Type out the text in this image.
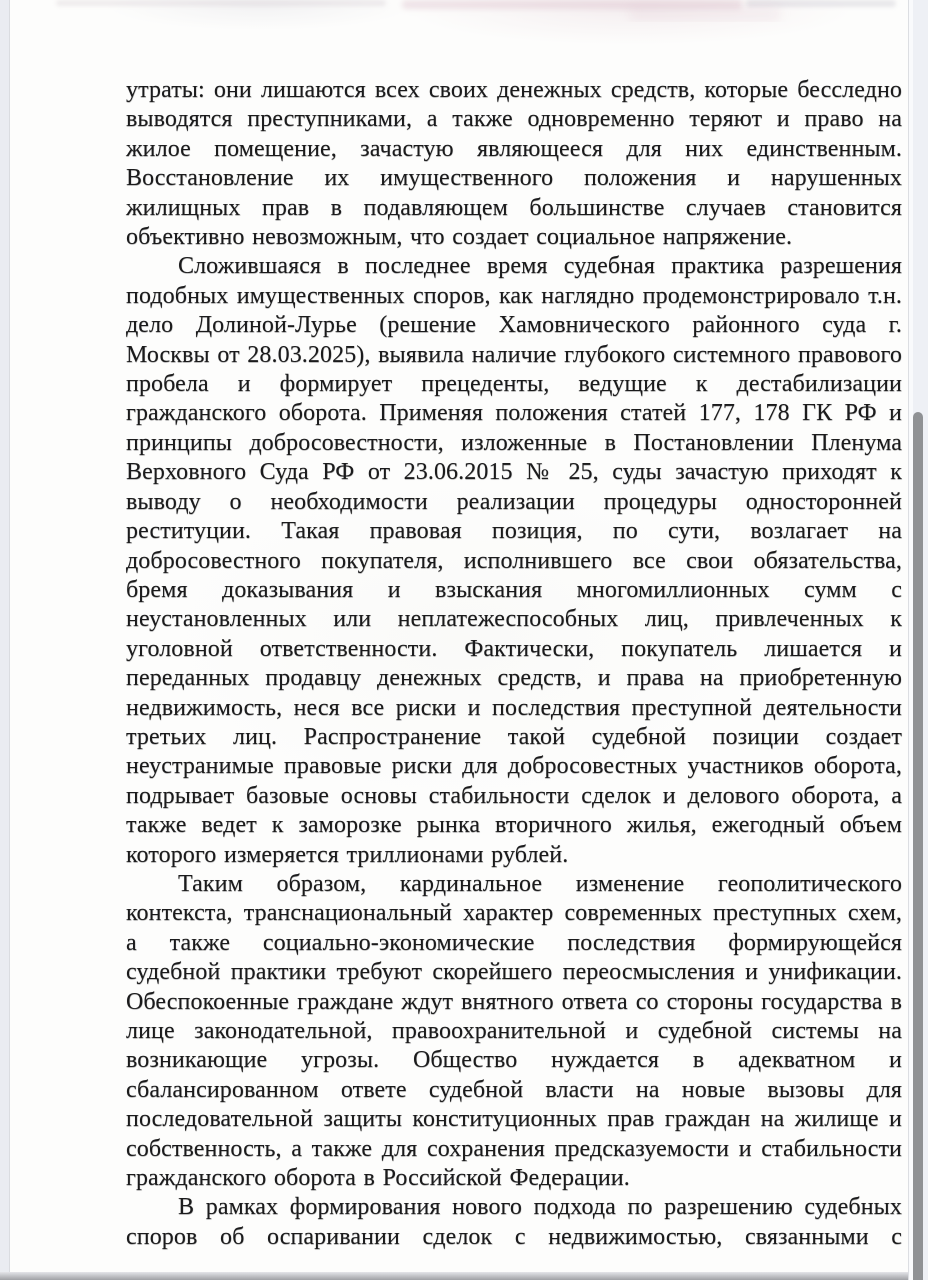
утраты: они лишаются всех своих денежных средств, которые бесследно выводятся преступниками, а также одновременно теряют и право на жилое помещение, зачастую являющееся для них единственным. Восстановление их имущественного положения и нарушенных жилищных прав в подавляющем большинстве случаев становится объективно невозможным, что создает социальное напряжение.

Сложившаяся в последнее время судебная практика разрешения подобных имущественных споров, как наглядно продемонстрировало т.н. дело Долиной-Лурье (решение Хамовнического районного суда г. Москвы от 28.03.2025), выявила наличие глубокого системного правового пробела и формирует прецеденты, ведущие к дестабилизации гражданского оборота. Применяя положения статей 177, 178 ГК РФ и принципы добросовестности, изложенные в Постановлении Пленума Верховного Суда РФ от 23.06.2015 № 25, суды зачастую приходят к выводу о необходимости реализации процедуры односторонней реституции. Такая правовая позиция, по сути, возлагает на добросовестного покупателя, исполнившего все свои обязательства, бремя доказывания и взыскания многомиллионных сумм с неустановленных или неплатежеспособных лиц, привлеченных к уголовной ответственности. Фактически, покупатель лишается и переданных продавцу денежных средств, и права на приобретенную недвижимость, неся все риски и последствия преступной деятельности третьих лиц. Распространение такой судебной позиции создает неустранимые правовые риски для добросовестных участников оборота, подрывает базовые основы стабильности сделок и делового оборота, а также ведет к заморозке рынка вторичного жилья, ежегодный объем которого измеряется триллионами рублей.

Таким образом, кардинальное изменение геополитического контекста, транснациональный характер современных преступных схем, а также социально-экономические последствия формирующейся судебной практики требуют скорейшего переосмысления и унификации. Обеспокоенные граждане ждут внятного ответа со стороны государства в лице законодательной, правоохранительной и судебной системы на возникающие угрозы. Общество нуждается в адекватном и сбалансированном ответе судебной власти на новые вызовы для последовательной защиты конституционных прав граждан на жилище и собственность, а также для сохранения предсказуемости и стабильности гражданского оборота в Российской Федерации.

В рамках формирования нового подхода по разрешению судебных споров об оспаривании сделок с недвижимостью, связанными с
